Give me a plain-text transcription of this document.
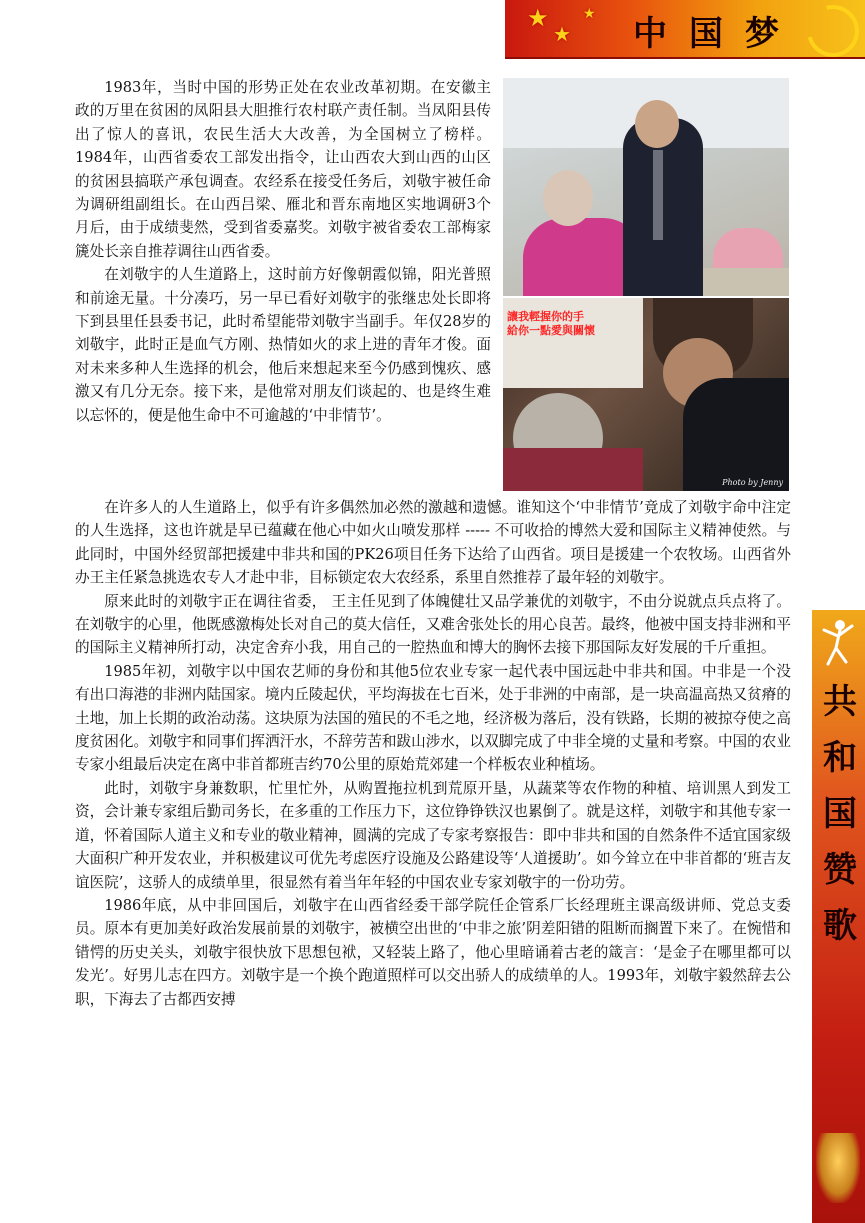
★
★
★ 中国梦

1983年，当时中国的形势正处在农业改革初期。在安徽主政的万里在贫困的凤阳县大胆推行农村联产责任制。当凤阳县传出了惊人的喜讯，农民生活大大改善，为全国树立了榜样。1984年，山西省委农工部发出指令，让山西农大到山西的山区的贫困县搞联产承包调查。农经系在接受任务后，刘敬宇被任命为调研组副组长。在山西吕梁、雁北和晋东南地区实地调研3个月后，由于成绩斐然，受到省委嘉奖。刘敬宇被省委农工部梅家篪处长亲自推荐调往山西省委。

在刘敬宇的人生道路上，这时前方好像朝霞似锦，阳光普照和前途无量。十分凑巧，另一早已看好刘敬宇的张继忠处长即将下到县里任县委书记，此时希望能带刘敬宇当副手。年仅28岁的刘敬宇，此时正是血气方刚、热情如火的求上进的青年才俊。面对未来多种人生选择的机会，他后来想起来至今仍感到愧疚、感激又有几分无奈。接下来，是他常对朋友们谈起的、也是终生难以忘怀的，便是他生命中不可逾越的‘中非情节’。

讓我輕握你的手
給你一點愛與關懷
Photo by Jenny

在许多人的人生道路上，似乎有许多偶然加必然的激越和遗憾。谁知这个‘中非情节’竟成了刘敬宇命中注定的人生选择，这也许就是早已蕴藏在他心中如火山喷发那样 ----- 不可收拾的博然大爱和国际主义精神使然。与此同时，中国外经贸部把援建中非共和国的PK26项目任务下达给了山西省。项目是援建一个农牧场。山西省外办王主任紧急挑选农专人才赴中非，目标锁定农大农经系，系里自然推荐了最年轻的刘敬宇。

原来此时的刘敬宇正在调往省委， 王主任见到了体魄健壮又品学兼优的刘敬宇，不由分说就点兵点将了。在刘敬宇的心里，他既感激梅处长对自己的莫大信任，又难舍张处长的用心良苦。最终，他被中国支持非洲和平的国际主义精神所打动，决定舍弃小我，用自己的一腔热血和博大的胸怀去接下那国际友好发展的千斤重担。

1985年初，刘敬宇以中国农艺师的身份和其他5位农业专家一起代表中国远赴中非共和国。中非是一个没有出口海港的非洲内陆国家。境内丘陵起伏，平均海拔在七百米，处于非洲的中南部，是一块高温高热又贫瘠的土地，加上长期的政治动荡。这块原为法国的殖民的不毛之地，经济极为落后，没有铁路，长期的被掠夺使之高度贫困化。刘敬宇和同事们挥洒汗水，不辞劳苦和跋山涉水，以双脚完成了中非全境的丈量和考察。中国的农业专家小组最后决定在离中非首都班吉约70公里的原始荒郊建一个样板农业种植场。

此时，刘敬宇身兼数职，忙里忙外，从购置拖拉机到荒原开垦，从蔬菜等农作物的种植、培训黑人到发工资，会计兼专家组后勤司务长，在多重的工作压力下，这位铮铮铁汉也累倒了。就是这样，刘敬宇和其他专家一道，怀着国际人道主义和专业的敬业精神，圆满的完成了专家考察报告：即中非共和国的自然条件不适宜国家级大面积广种开发农业，并积极建议可优先考虑医疗设施及公路建设等‘人道援助’。如今耸立在中非首都的‘班吉友谊医院’，这骄人的成绩单里，很显然有着当年年轻的中国农业专家刘敬宇的一份功劳。

1986年底，从中非回国后，刘敬宇在山西省经委干部学院任企管系厂长经理班主课高级讲师、党总支委员。原本有更加美好政治发展前景的刘敬宇，被横空出世的‘中非之旅’阴差阳错的阻断而搁置下来了。在惋惜和错愕的历史关头，刘敬宇很快放下思想包袱，又轻装上路了，他心里暗诵着古老的箴言：‘是金子在哪里都可以发光’。好男儿志在四方。刘敬宇是一个换个跑道照样可以交出骄人的成绩单的人。1993年，刘敬宇毅然辞去公职，下海去了古都西安搏

共
和
国
赞
歌
